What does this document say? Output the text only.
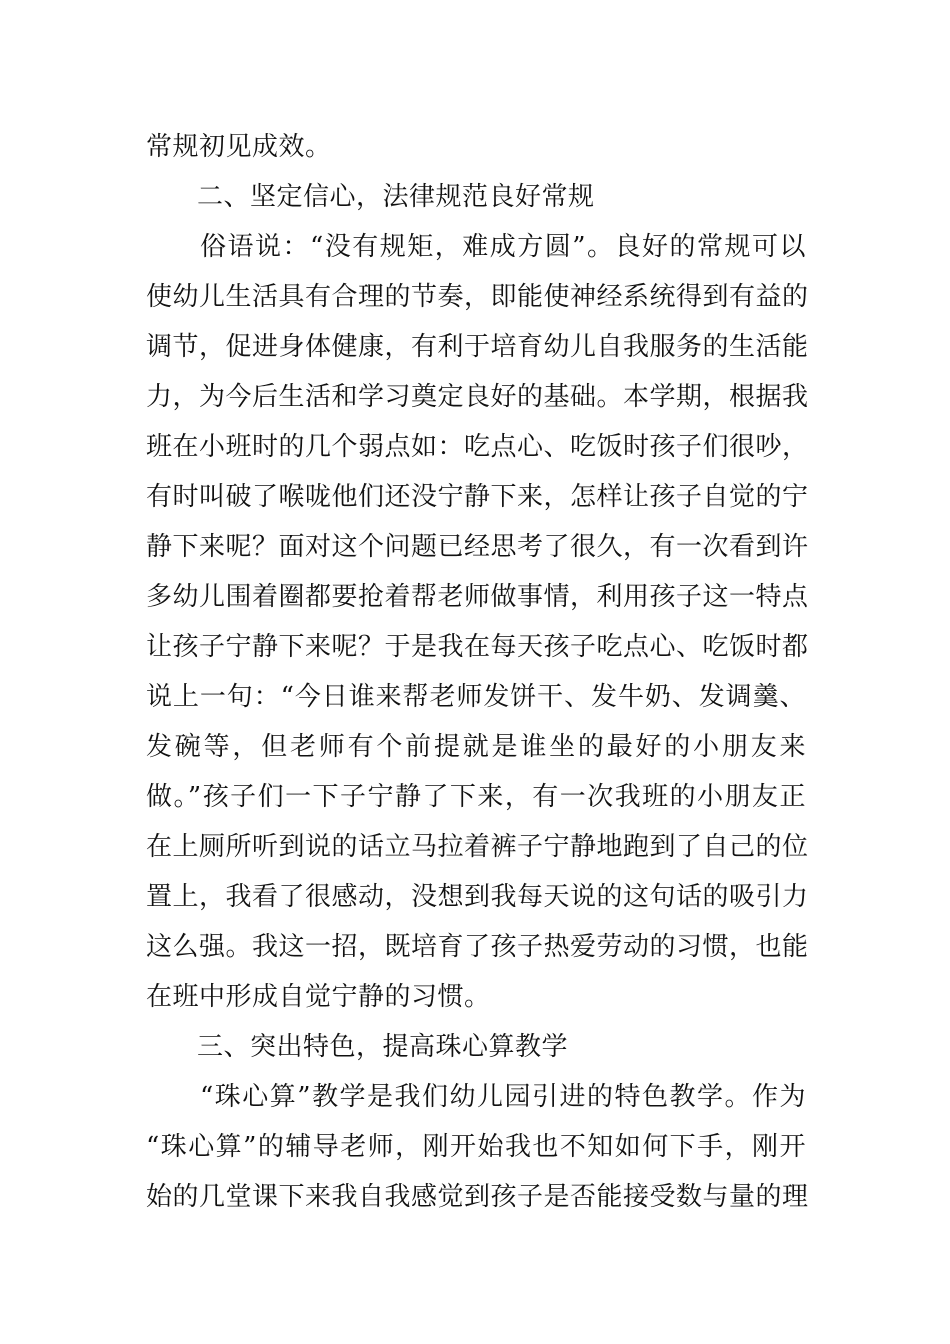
常规初见成效。
二、坚定信心，法律规范良好常规
俗语说：“没有规矩，难成方圆”。良好的常规可以
使幼儿生活具有合理的节奏，即能使神经系统得到有益的
调节，促进身体健康，有利于培育幼儿自我服务的生活能
力，为今后生活和学习奠定良好的基础。本学期，根据我
班在小班时的几个弱点如：吃点心、吃饭时孩子们很吵，
有时叫破了喉咙他们还没宁静下来，怎样让孩子自觉的宁
静下来呢？面对这个问题已经思考了很久，有一次看到许
多幼儿围着圈都要抢着帮老师做事情，利用孩子这一特点
让孩子宁静下来呢？于是我在每天孩子吃点心、吃饭时都
说上一句：“今日谁来帮老师发饼干、发牛奶、发调羹、
发碗等，但老师有个前提就是谁坐的最好的小朋友来
做。”孩子们一下子宁静了下来，有一次我班的小朋友正
在上厕所听到说的话立马拉着裤子宁静地跑到了自己的位
置上，我看了很感动，没想到我每天说的这句话的吸引力
这么强。我这一招，既培育了孩子热爱劳动的习惯，也能
在班中形成自觉宁静的习惯。
三、突出特色，提高珠心算教学
“珠心算”教学是我们幼儿园引进的特色教学。作为
“珠心算”的辅导老师，刚开始我也不知如何下手，刚开
始的几堂课下来我自我感觉到孩子是否能接受数与量的理
